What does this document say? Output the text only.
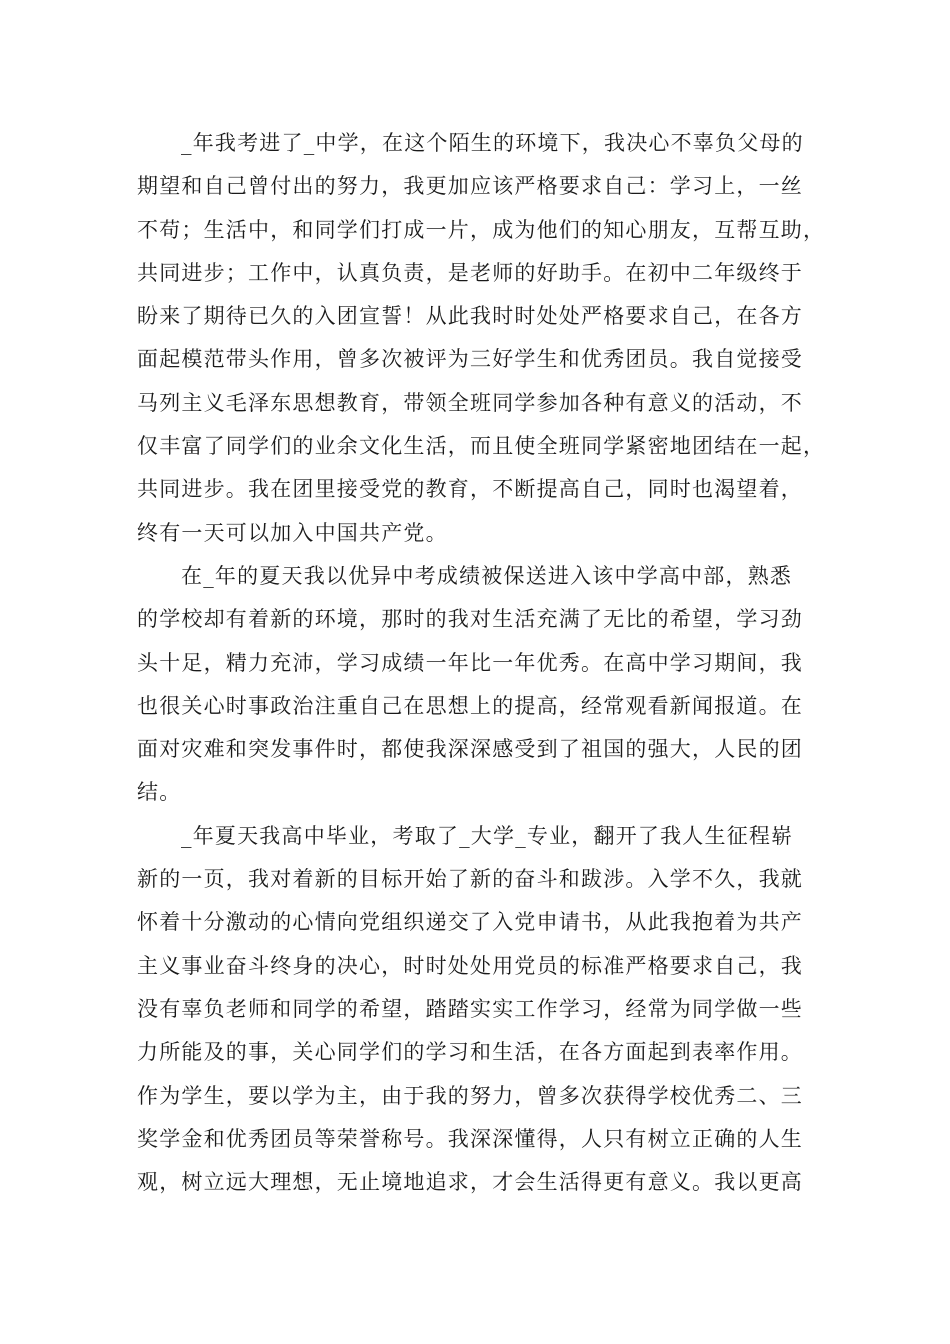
_年我考进了_中学，在这个陌生的环境下，我决心不辜负父母的
期望和自己曾付出的努力，我更加应该严格要求自己：学习上，一丝
不苟；生活中，和同学们打成一片，成为他们的知心朋友，互帮互助，
共同进步；工作中，认真负责，是老师的好助手。在初中二年级终于
盼来了期待已久的入团宣誓！从此我时时处处严格要求自己，在各方
面起模范带头作用，曾多次被评为三好学生和优秀团员。我自觉接受
马列主义毛泽东思想教育，带领全班同学参加各种有意义的活动，不
仅丰富了同学们的业余文化生活，而且使全班同学紧密地团结在一起，
共同进步。我在团里接受党的教育，不断提高自己，同时也渴望着，
终有一天可以加入中国共产党。
在_年的夏天我以优异中考成绩被保送进入该中学高中部，熟悉
的学校却有着新的环境，那时的我对生活充满了无比的希望，学习劲
头十足，精力充沛，学习成绩一年比一年优秀。在高中学习期间，我
也很关心时事政治注重自己在思想上的提高，经常观看新闻报道。在
面对灾难和突发事件时，都使我深深感受到了祖国的强大，人民的团
结。
_年夏天我高中毕业，考取了_大学_专业，翻开了我人生征程崭
新的一页，我对着新的目标开始了新的奋斗和跋涉。入学不久，我就
怀着十分激动的心情向党组织递交了入党申请书，从此我抱着为共产
主义事业奋斗终身的决心，时时处处用党员的标准严格要求自己，我
没有辜负老师和同学的希望，踏踏实实工作学习，经常为同学做一些
力所能及的事，关心同学们的学习和生活，在各方面起到表率作用。
作为学生，要以学为主，由于我的努力，曾多次获得学校优秀二、三
奖学金和优秀团员等荣誉称号。我深深懂得，人只有树立正确的人生
观，树立远大理想，无止境地追求，才会生活得更有意义。我以更高
